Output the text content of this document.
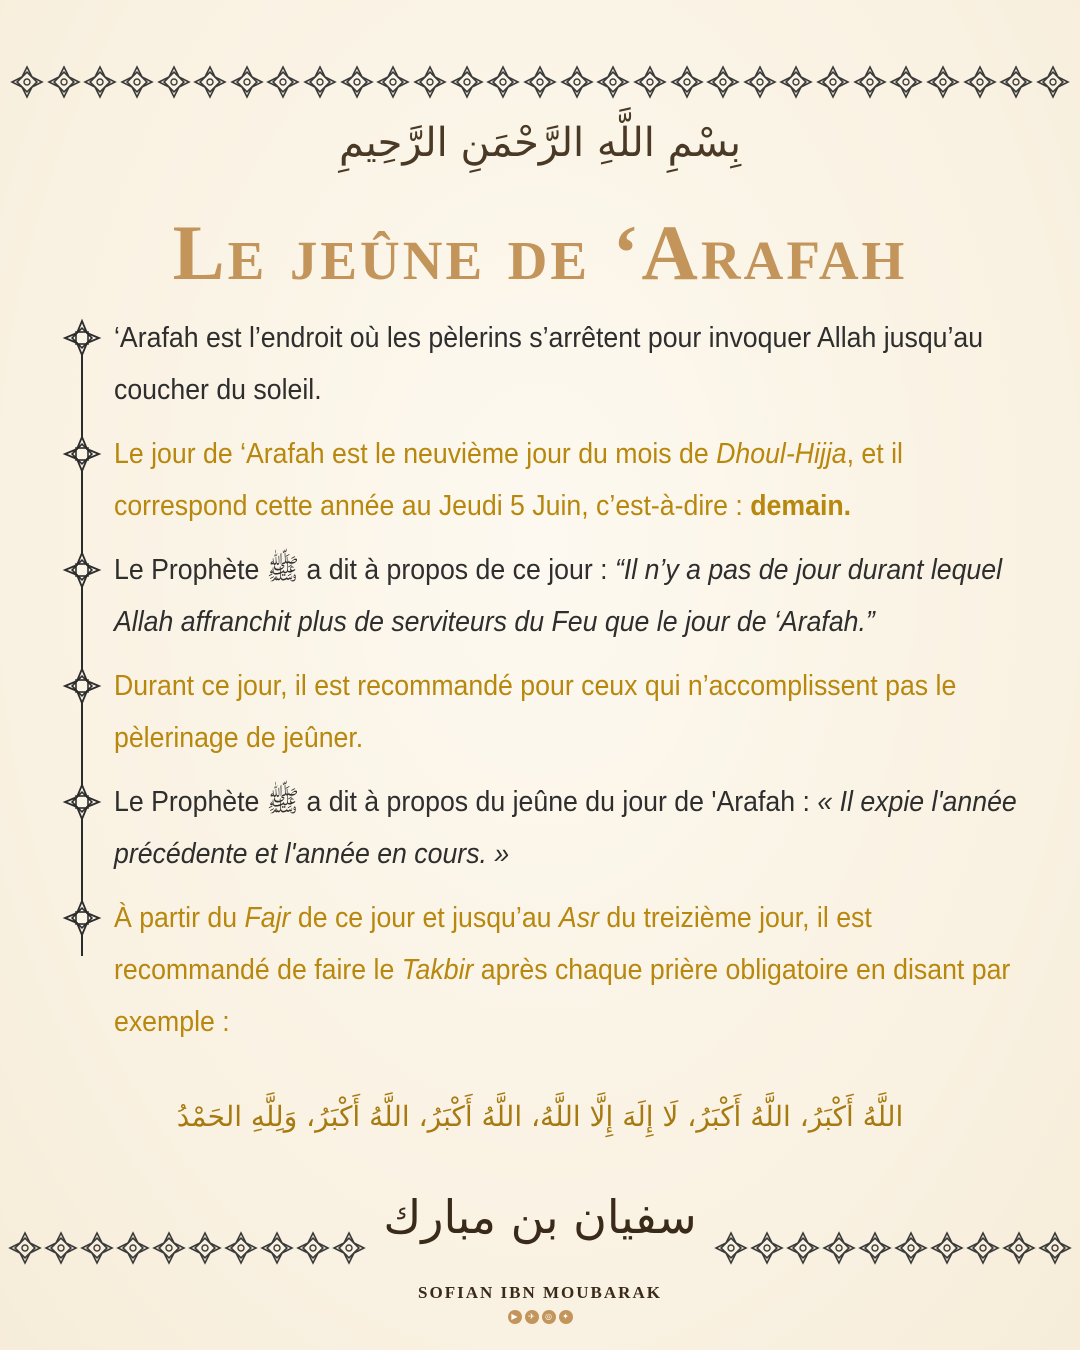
بِسْمِ اللَّهِ الرَّحْمَنِ الرَّحِيمِ
Le jeûne de ‘Arafah

‘Arafah est l’endroit où les pèlerins s’arrêtent pour invoquer Allah jusqu’au coucher du soleil.

Le jour de ‘Arafah est le neuvième jour du mois de Dhoul-Hijja, et il correspond cette année au Jeudi 5 Juin, c’est-à-dire : demain.

Le Prophète ﷺ a dit à propos de ce jour : “Il n’y a pas de jour durant lequel Allah affranchit plus de serviteurs du Feu que le jour de ‘Arafah.”

Durant ce jour, il est recommandé pour ceux qui n’accomplissent pas le pèlerinage de jeûner.

Le Prophète ﷺ a dit à propos du jeûne du jour de 'Arafah : « Il expie l'année précédente et l'année en cours. »

À partir du Fajr de ce jour et jusqu’au Asr du treizième jour, il est recommandé de faire le Takbir après chaque prière obligatoire en disant par exemple :

اللَّهُ أَكْبَرُ، اللَّهُ أَكْبَرُ، لَا إِلَهَ إِلَّا اللَّهُ، اللَّهُ أَكْبَرُ، اللَّهُ أَكْبَرُ، وَلِلَّهِ الحَمْدُ
سفيان بن مبارك
SOFIAN IBN MOUBARAK
▶	✈	◎	✦
